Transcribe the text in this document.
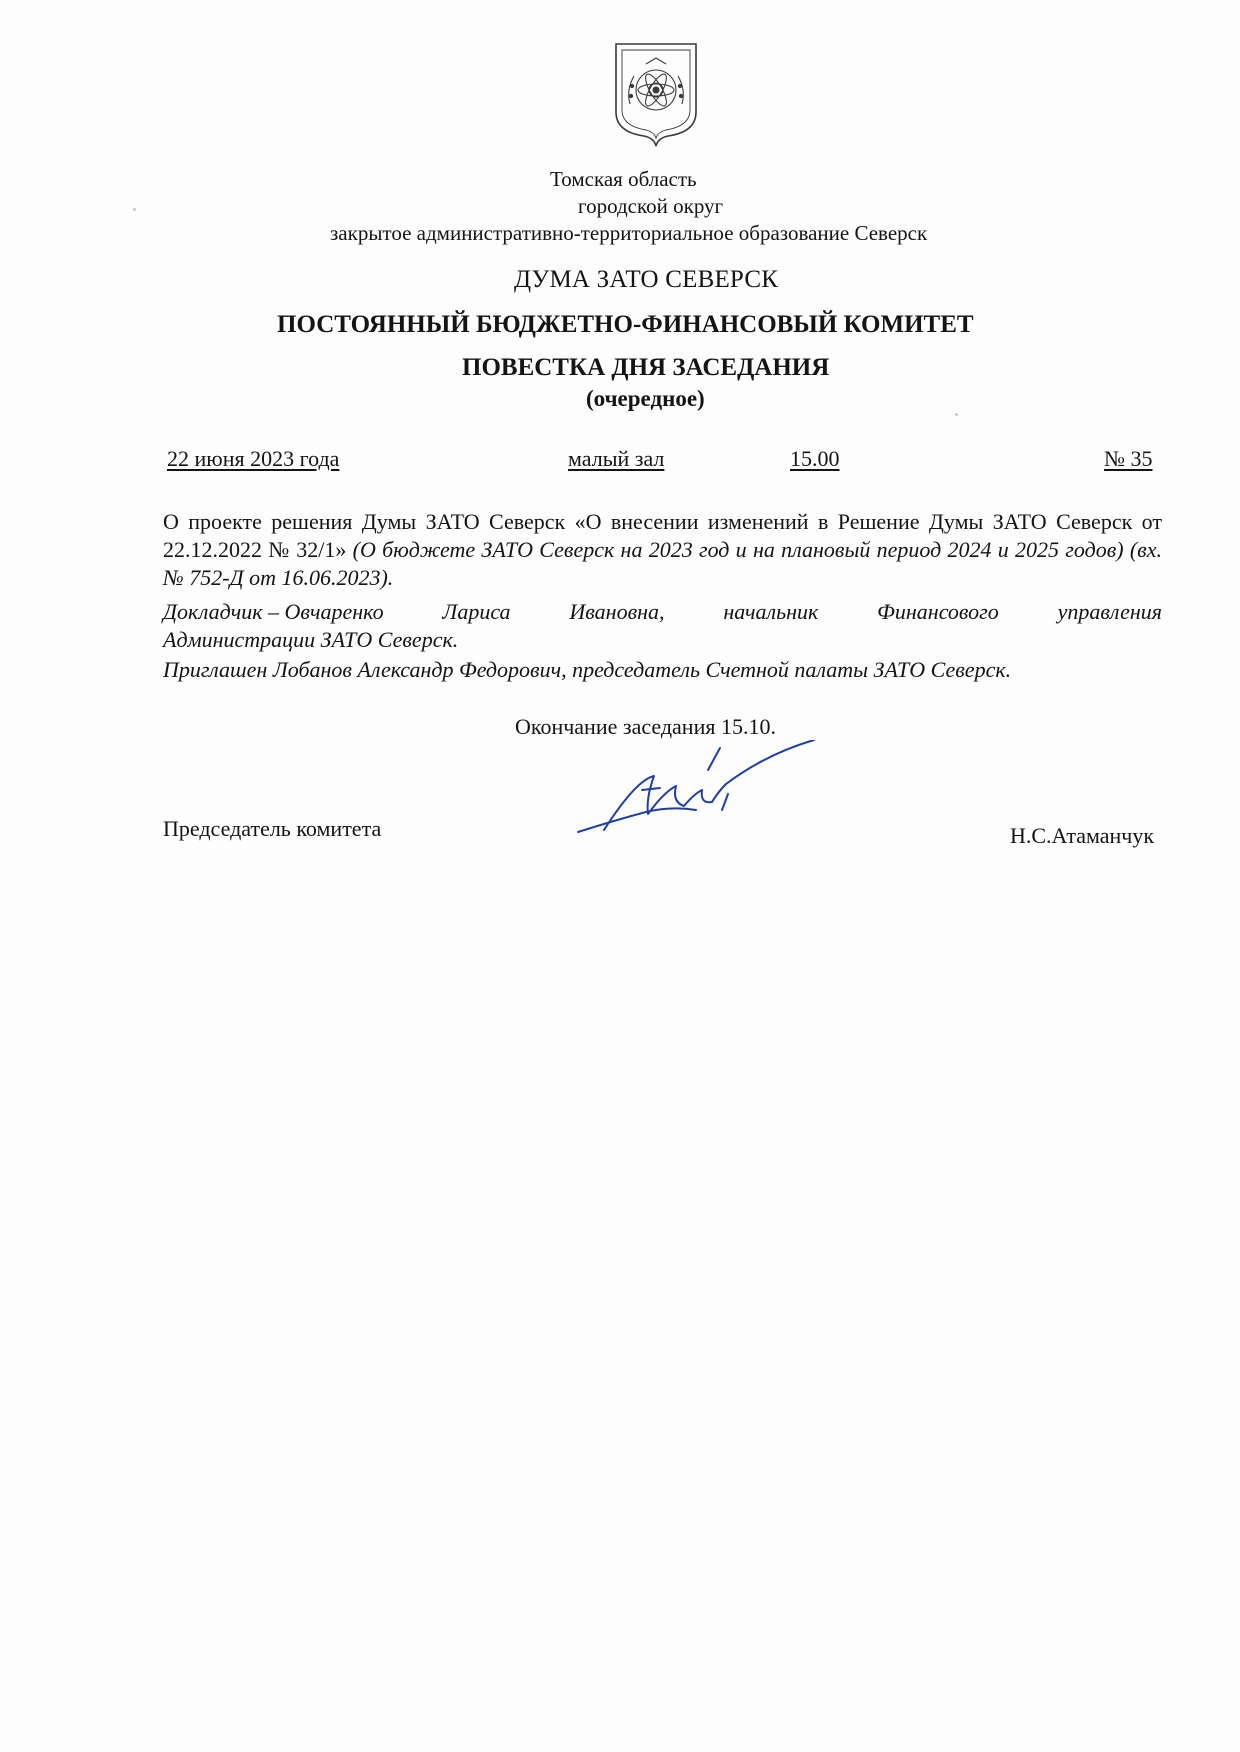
Томская область
городской округ
закрытое административно-территориальное образование Северск
ДУМА ЗАТО СЕВЕРСК
ПОСТОЯННЫЙ БЮДЖЕТНО-ФИНАНСОВЫЙ КОМИТЕТ
ПОВЕСТКА ДНЯ ЗАСЕДАНИЯ
(очередное)
22 июня 2023 года	малый зал	15.00	№ 35
О проекте решения Думы ЗАТО Северск «О внесении изменений в Решение Думы ЗАТО Северск от 22.12.2022 № 32/1» (О бюджете ЗАТО Северск на 2023 год и на плановый период 2024 и 2025 годов) (вх. № 752-Д от 16.06.2023).
Докладчик – Овчаренко	Лариса	Ивановна,	начальник	Финансового	управления
Администрации ЗАТО Северск.
Приглашен Лобанов Александр Федорович, председатель Счетной палаты ЗАТО Северск.
Окончание заседания 15.10.
Председатель комитета	Н.С.Атаманчук
